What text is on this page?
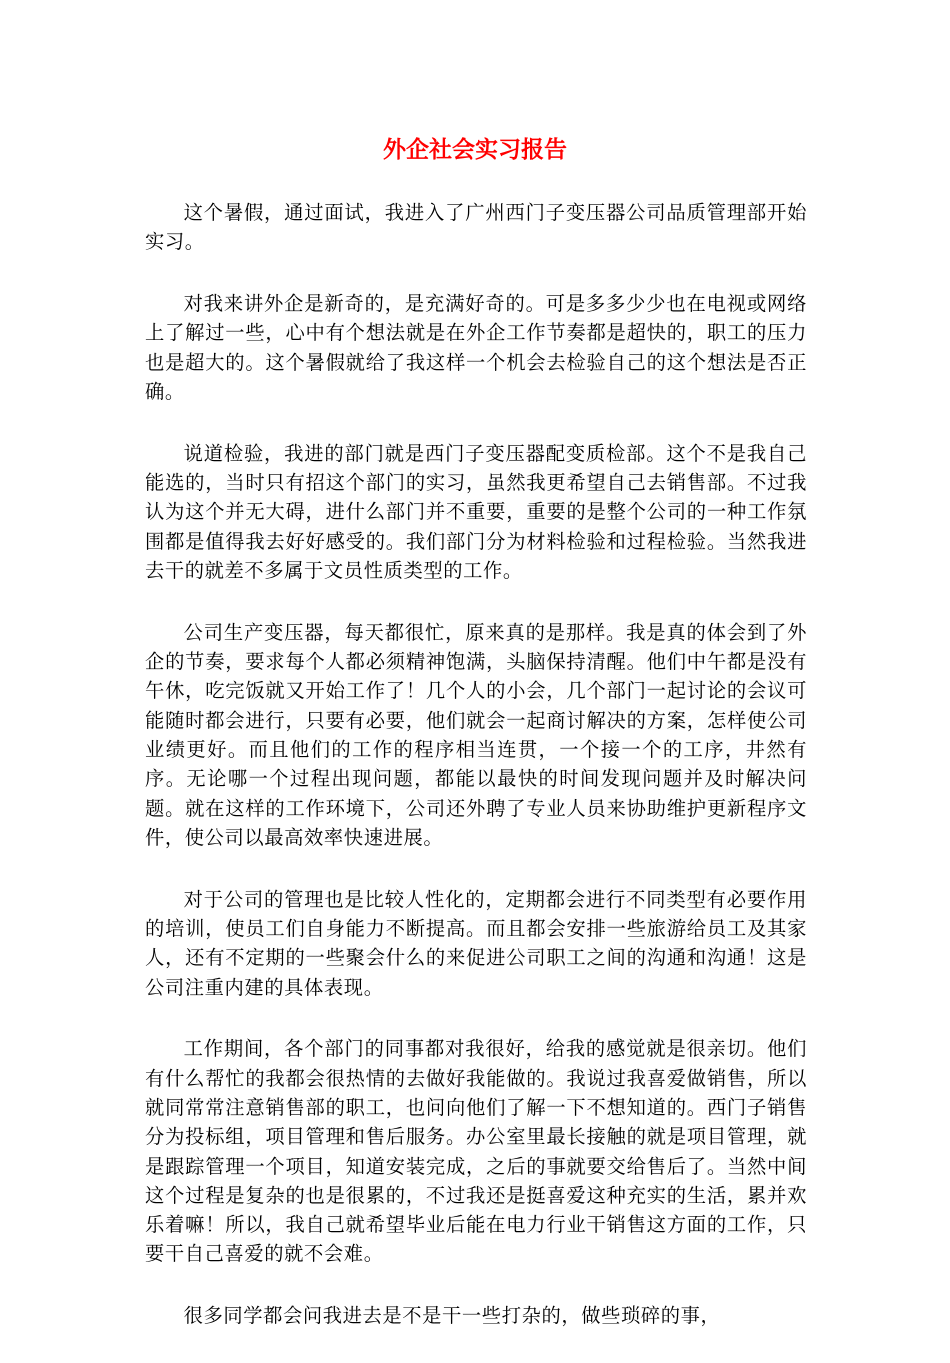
外企社会实习报告

这个暑假，通过面试，我进入了广州西门子变压器公司品质管理部开始实习。

对我来讲外企是新奇的，是充满好奇的。可是多多少少也在电视或网络上了解过一些，心中有个想法就是在外企工作节奏都是超快的，职工的压力也是超大的。这个暑假就给了我这样一个机会去检验自己的这个想法是否正确。

说道检验，我进的部门就是西门子变压器配变质检部。这个不是我自己能选的，当时只有招这个部门的实习，虽然我更希望自己去销售部。不过我认为这个并无大碍，进什么部门并不重要，重要的是整个公司的一种工作氛围都是值得我去好好感受的。我们部门分为材料检验和过程检验。当然我进去干的就差不多属于文员性质类型的工作。

公司生产变压器，每天都很忙，原来真的是那样。我是真的体会到了外企的节奏，要求每个人都必须精神饱满，头脑保持清醒。他们中午都是没有午休，吃完饭就又开始工作了！几个人的小会，几个部门一起讨论的会议可能随时都会进行，只要有必要，他们就会一起商讨解决的方案，怎样使公司业绩更好。而且他们的工作的程序相当连贯，一个接一个的工序，井然有序。无论哪一个过程出现问题，都能以最快的时间发现问题并及时解决问题。就在这样的工作环境下，公司还外聘了专业人员来协助维护更新程序文件，使公司以最高效率快速进展。

对于公司的管理也是比较人性化的，定期都会进行不同类型有必要作用的培训，使员工们自身能力不断提高。而且都会安排一些旅游给员工及其家人，还有不定期的一些聚会什么的来促进公司职工之间的沟通和沟通！这是公司注重内建的具体表现。

工作期间，各个部门的同事都对我很好，给我的感觉就是很亲切。他们有什么帮忙的我都会很热情的去做好我能做的。我说过我喜爱做销售，所以就同常常注意销售部的职工，也问向他们了解一下不想知道的。西门子销售分为投标组，项目管理和售后服务。办公室里最长接触的就是项目管理，就是跟踪管理一个项目，知道安装完成，之后的事就要交给售后了。当然中间这个过程是复杂的也是很累的，不过我还是挺喜爱这种充实的生活，累并欢乐着嘛！所以，我自己就希望毕业后能在电力行业干销售这方面的工作，只要干自己喜爱的就不会难。

很多同学都会问我进去是不是干一些打杂的，做些琐碎的事，
